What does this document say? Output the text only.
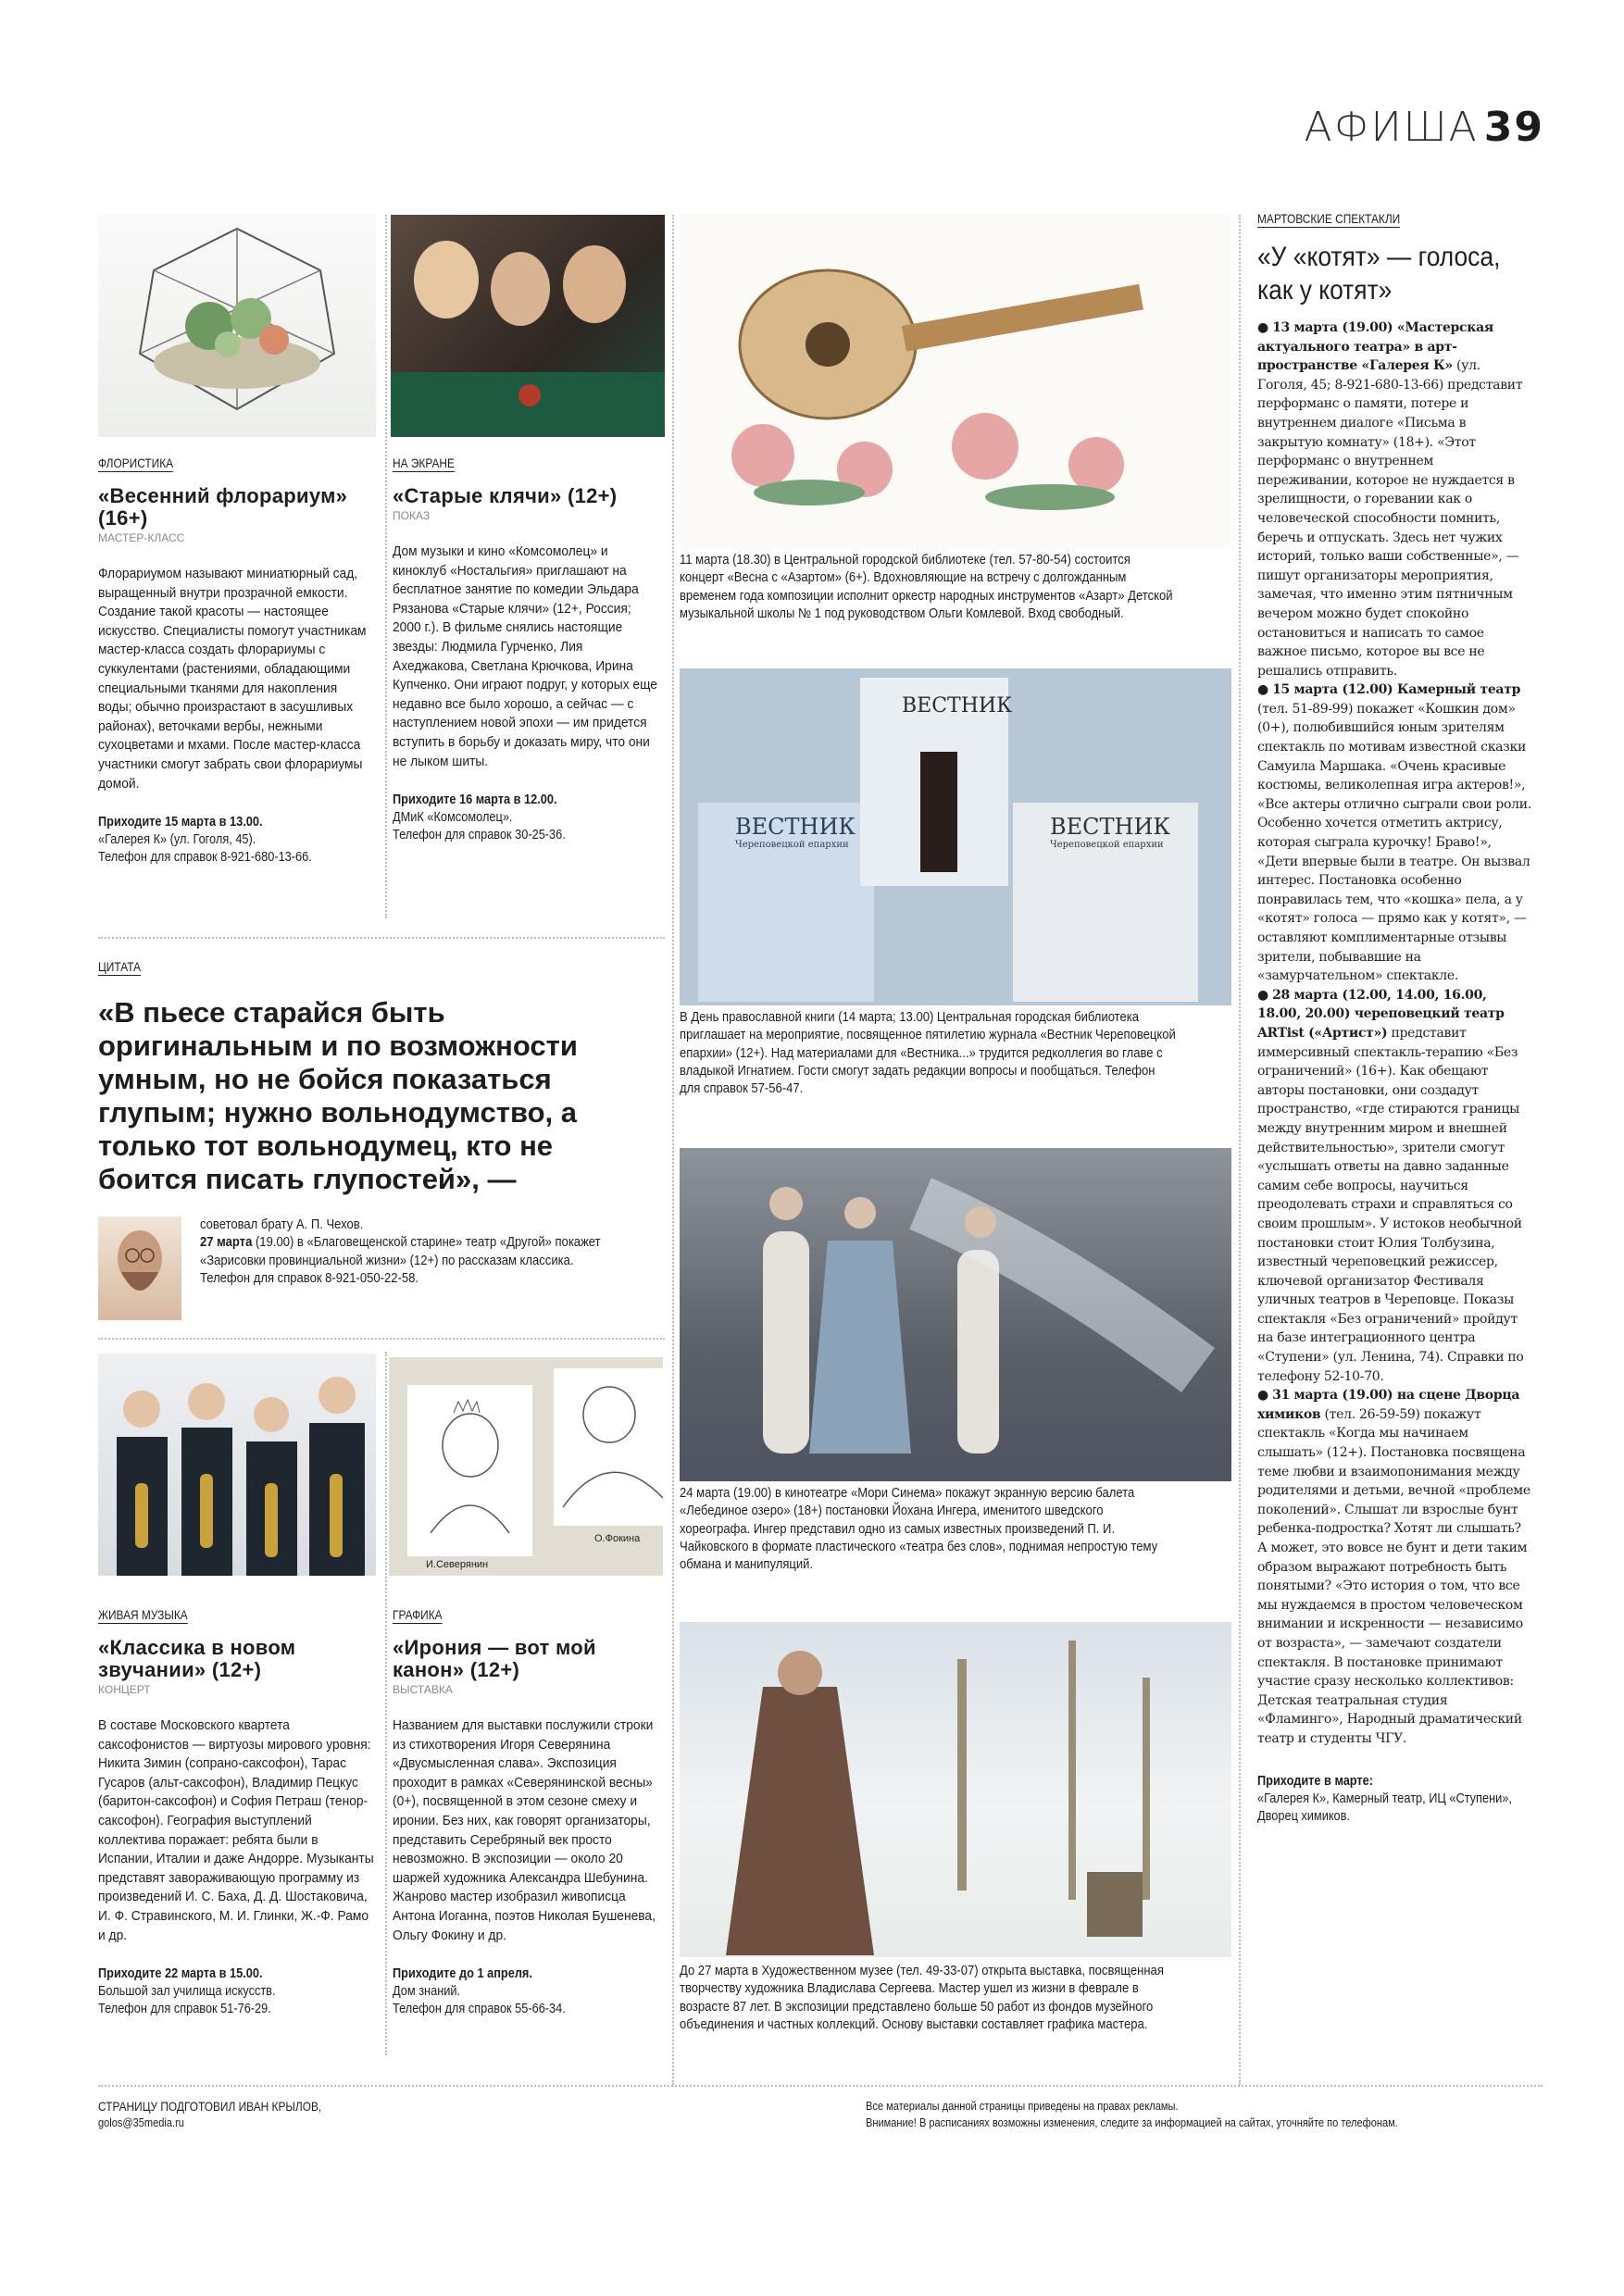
АФИША 39
ФЛОРИСТИКА
«Весенний флорариум» (16+)
МАСТЕР-КЛАСС
Флорариумом называют миниатюрный сад, выращенный внутри прозрачной емкости. Создание такой красоты — настоящее искусство. Специалисты помогут участникам мастер-класса создать флорариумы с суккулентами (растениями, обладающими специальными тканями для накопления воды; обычно произрастают в засушливых районах), веточками вербы, нежными сухоцветами и мхами. После мастер-класса участники смогут забрать свои флорариумы домой.
Приходите 15 марта в 13.00.
«Галерея К» (ул. Гоголя, 45).
Телефон для справок 8-921-680-13-66.
НА ЭКРАНЕ
«Старые клячи» (12+)
ПОКАЗ
Дом музыки и кино «Комсомолец» и киноклуб «Ностальгия» приглашают на бесплатное занятие по комедии Эльдара Рязанова «Старые клячи» (12+, Россия; 2000 г.). В фильме снялись настоящие звезды: Людмила Гурченко, Лия Ахеджакова, Светлана Крючкова, Ирина Купченко. Они играют подруг, у которых еще недавно все было хорошо, а сейчас — с наступлением новой эпохи — им придется вступить в борьбу и доказать миру, что они не лыком шиты.
Приходите 16 марта в 12.00.
ДМиК «Комсомолец».
Телефон для справок 30-25-36.
ЦИТАТА
«В пьесе старайся быть оригинальным и по возможности умным, но не бойся показаться глупым; нужно вольнодумство, а только тот вольнодумец, кто не боится писать глупостей», —
советовал брату А. П. Чехов.
27 марта (19.00) в «Благовещенской старине» театр «Другой» покажет «Зарисовки провинциальной жизни» (12+) по рассказам классика. Телефон для справок 8-921-050-22-58.
ЖИВАЯ МУЗЫКА
«Классика в новом звучании» (12+)
КОНЦЕРТ
В составе Московского квартета саксофонистов — виртуозы мирового уровня: Никита Зимин (сопрано-саксофон), Тарас Гусаров (альт-саксофон), Владимир Пецкус (баритон-саксофон) и София Петраш (тенор-саксофон). География выступлений коллектива поражает: ребята были в Испании, Италии и даже Андорре. Музыканты представят завораживающую программу из произведений И. С. Баха, Д. Д. Шостаковича, И. Ф. Стравинского, М. И. Глинки, Ж.-Ф. Рамо и др.
Приходите 22 марта в 15.00.
Большой зал училища искусств.
Телефон для справок 51-76-29.
И.Северянин
О.Фокина
ГРАФИКА
«Ирония — вот мой канон» (12+)
ВЫСТАВКА
Названием для выставки послужили строки из стихотворения Игоря Северянина «Двусмысленная слава». Экспозиция проходит в рамках «Северянинской весны» (0+), посвященной в этом сезоне смеху и иронии. Без них, как говорят организаторы, представить Серебряный век просто невозможно. В экспозиции — около 20 шаржей художника Александра Шебунина. Жанрово мастер изобразил живописца Антона Иоганна, поэтов Николая Бушенева, Ольгу Фокину и др.
Приходите до 1 апреля.
Дом знаний.
Телефон для справок 55-66-34.
11 марта (18.30) в Центральной городской библиотеке (тел. 57-80-54) состоится концерт «Весна с «Азартом» (6+). Вдохновляющие на встречу с долгожданным временем года композиции исполнит оркестр народных инструментов «Азарт» Детской музыкальной школы № 1 под руководством Ольги Комлевой. Вход свободный.
ВЕСТНИК
Череповецкой епархии
ВЕСТНИК
ВЕСТНИК
Череповецкой епархии
В День православной книги (14 марта; 13.00) Центральная городская библиотека приглашает на мероприятие, посвященное пятилетию журнала «Вестник Череповецкой епархии» (12+). Над материалами для «Вестника...» трудится редколлегия во главе с владыкой Игнатием. Гости смогут задать редакции вопросы и пообщаться. Телефон для справок 57-56-47.
24 марта (19.00) в кинотеатре «Мори Синема» покажут экранную версию балета «Лебединое озеро» (18+) постановки Йохана Ингера, именитого шведского хореографа. Ингер представил одно из самых известных произведений П. И. Чайковского в формате пластического «театра без слов», поднимая непростую тему обмана и манипуляций.
До 27 марта в Художественном музее (тел. 49-33-07) открыта выставка, посвященная творчеству художника Владислава Сергеева. Мастер ушел из жизни в феврале в возрасте 87 лет. В экспозиции представлено больше 50 работ из фондов музейного объединения и частных коллекций. Основу выставки составляет графика мастера.
МАРТОВСКИЕ СПЕКТАКЛИ
«У «котят» — голоса, как у котят»
● 13 марта (19.00) «Мастерская актуального театра» в арт-пространстве «Галерея К» (ул. Гоголя, 45; 8-921-680-13-66) представит перформанс о памяти, потере и внутреннем диалоге «Письма в закрытую комнату» (18+). «Этот перформанс о внутреннем переживании, которое не нуждается в зрелищности, о горевании как о человеческой способности помнить, беречь и отпускать. Здесь нет чужих историй, только ваши собственные», — пишут организаторы мероприятия, замечая, что именно этим пятничным вечером можно будет спокойно остановиться и написать то самое важное письмо, которое вы все не решались отправить.
● 15 марта (12.00) Камерный театр (тел. 51-89-99) покажет «Кошкин дом» (0+), полюбившийся юным зрителям спектакль по мотивам известной сказки Самуила Маршака. «Очень красивые костюмы, великолепная игра актеров!», «Все актеры отлично сыграли свои роли. Особенно хочется отметить актрису, которая сыграла курочку! Браво!», «Дети впервые были в театре. Он вызвал интерес. Постановка особенно понравилась тем, что «кошка» пела, а у «котят» голоса — прямо как у котят», — оставляют комплиментарные отзывы зрители, побывавшие на «замурчательном» спектакле.
● 28 марта (12.00, 14.00, 16.00, 18.00, 20.00) череповецкий театр ARTist («Артист») представит иммерсивный спектакль-терапию «Без ограничений» (16+). Как обещают авторы постановки, они создадут пространство, «где стираются границы между внутренним миром и внешней действительностью», зрители смогут «услышать ответы на давно заданные самим себе вопросы, научиться преодолевать страхи и справляться со своим прошлым». У истоков необычной постановки стоит Юлия Толбузина, известный череповецкий режиссер, ключевой организатор Фестиваля уличных театров в Череповце. Показы спектакля «Без ограничений» пройдут на базе интеграционного центра «Ступени» (ул. Ленина, 74). Справки по телефону 52-10-70.
● 31 марта (19.00) на сцене Дворца химиков (тел. 26-59-59) покажут спектакль «Когда мы начинаем слышать» (12+). Постановка посвящена теме любви и взаимопонимания между родителями и детьми, вечной «проблеме поколений». Слышат ли взрослые бунт ребенка-подростка? Хотят ли слышать? А может, это вовсе не бунт и дети таким образом выражают потребность быть понятыми? «Это история о том, что все мы нуждаемся в простом человеческом внимании и искренности — независимо от возраста», — замечают создатели спектакля. В постановке принимают участие сразу несколько коллективов: Детская театральная студия «Фламинго», Народный драматический театр и студенты ЧГУ.
Приходите в марте:
«Галерея К», Камерный театр, ИЦ «Ступени», Дворец химиков.
СТРАНИЦУ ПОДГОТОВИЛ ИВАН КРЫЛОВ,
golos@35media.ru
Все материалы данной страницы приведены на правах рекламы.
Внимание! В расписаниях возможны изменения, следите за информацией на сайтах, уточняйте по телефонам.
